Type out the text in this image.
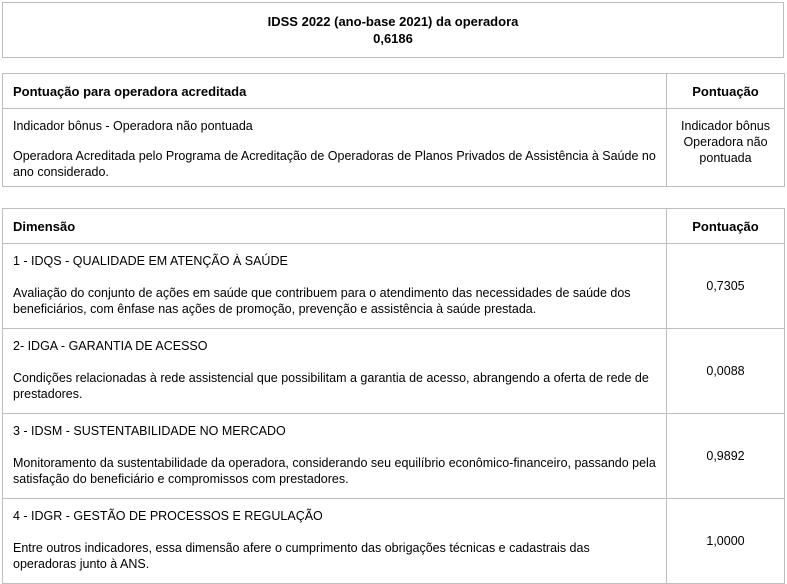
IDSS 2022 (ano-base 2021) da operadora
0,6186
Pontuação para operadora acreditada	Pontuação

Indicador bônus - Operadora não pontuada

Operadora Acreditada pelo Programa de Acreditação de Operadoras de Planos Privados de Assistência à Saúde no ano considerado.	Indicador bônus Operadora não pontuada
Dimensão	Pontuação

1 - IDQS - QUALIDADE EM ATENÇÃO À SAÚDE

Avaliação do conjunto de ações em saúde que contribuem para o atendimento das necessidades de saúde dos beneficiários, com ênfase nas ações de promoção, prevenção e assistência à saúde prestada.	0,7305

2- IDGA - GARANTIA DE ACESSO

Condições relacionadas à rede assistencial que possibilitam a garantia de acesso, abrangendo a oferta de rede de prestadores.	0,0088

3 - IDSM - SUSTENTABILIDADE NO MERCADO

Monitoramento da sustentabilidade da operadora, considerando seu equilíbrio econômico-financeiro, passando pela satisfação do beneficiário e compromissos com prestadores.	0,9892

4 - IDGR - GESTÃO DE PROCESSOS E REGULAÇÃO

Entre outros indicadores, essa dimensão afere o cumprimento das obrigações técnicas e cadastrais das operadoras junto à ANS.	1,0000
